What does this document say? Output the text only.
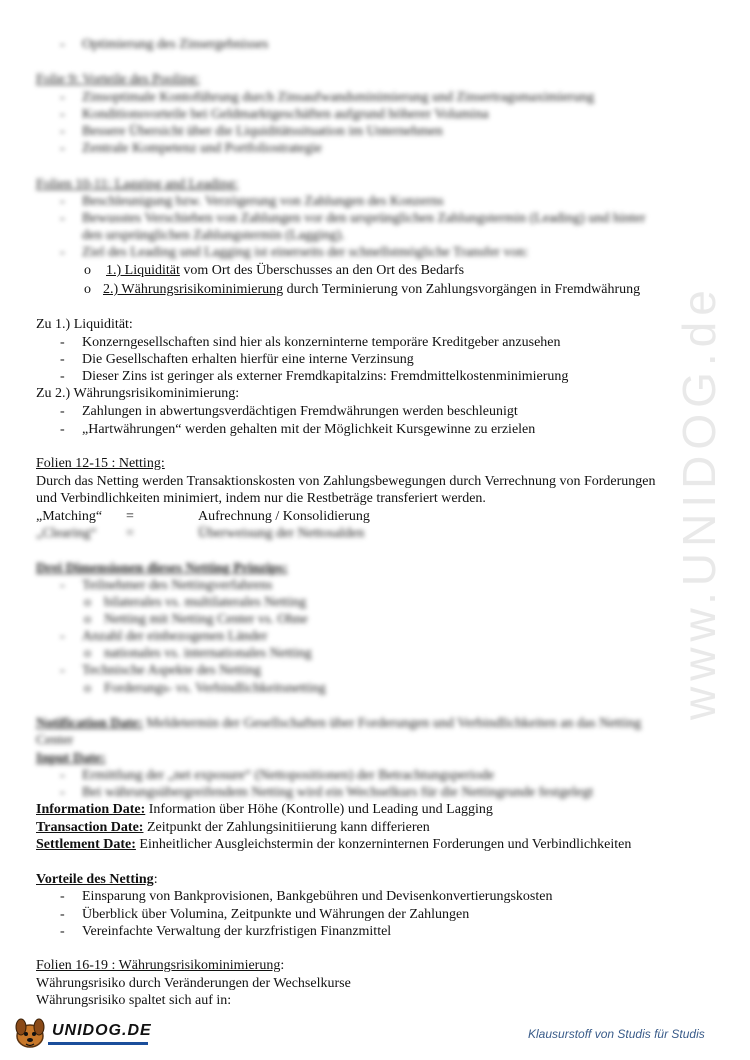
- Optimierung des Zinsergebnisses
Folie 9: Vorteile des Pooling:
- Zinsoptimale Kontoführung durch Zinsaufwandsminimierung und Zinsertragsmaximierung
- Konditionsvorteile bei Geldmarktgeschäften aufgrund höherer Volumina
- Bessere Übersicht über die Liquiditätssituation im Unternehmen
- Zentrale Kompetenz und Portfoliostrategie
Folien 10-11: Lagging and Leading:
- Beschleunigung bzw. Verzögerung von Zahlungen des Konzerns
- Bewusstes Verschieben von Zahlungen vor den ursprünglichen Zahlungstermin (Leading) und hinter
den ursprünglichen Zahlungstermin (Lagging).
- Ziel des Leading und Lagging ist einerseits der schnellstmögliche Transfer von:
o 1.) Liquidität vom Ort des Überschusses an den Ort des Bedarfs
o 2.) Währungsrisikominimierung durch Terminierung von Zahlungsvorgängen in Fremdwährung
Zu 1.) Liquidität:
- Konzerngesellschaften sind hier als konzerninterne temporäre Kreditgeber anzusehen
- Die Gesellschaften erhalten hierfür eine interne Verzinsung
- Dieser Zins ist geringer als externer Fremdkapitalzins: Fremdmittelkostenminimierung
Zu 2.) Währungsrisikominimierung:
- Zahlungen in abwertungsverdächtigen Fremdwährungen werden beschleunigt
- „Hartwährungen“ werden gehalten mit der Möglichkeit Kursgewinne zu erzielen
Folien 12-15 : Netting:
Durch das Netting werden Transaktionskosten von Zahlungsbewegungen durch Verrechnung von Forderungen
und Verbindlichkeiten minimiert, indem nur die Restbeträge transferiert werden.
„Matching“ =	Aufrechnung / Konsolidierung
„Clearing“ =	Überweisung der Nettosalden
Drei Dimensionen dieses Netting Prinzips:
- Teilnehmer des Nettingverfahrens
o bilaterales vs. multilaterales Netting
o Netting mit Netting Center vs. Ohne
- Anzahl der einbezogenen Länder
o nationales vs. internationales Netting
- Technische Aspekte des Netting
o Forderungs- vs. Verbindlichkeitsnetting
Notification Date: Meldetermin der Gesellschaften über Forderungen und Verbindlichkeiten an das Netting
Center
Input Date:
- Ermittlung der „net exposure“ (Nettopositionen) der Betrachtungsperiode
- Bei währungsübergreifendem Netting wird ein Wechselkurs für die Nettingrunde festgelegt
Information Date: Information über Höhe (Kontrolle) und Leading und Lagging
Transaction Date: Zeitpunkt der Zahlungsinitiierung kann differieren
Settlement Date: Einheitlicher Ausgleichstermin der konzerninternen Forderungen und Verbindlichkeiten
Vorteile des Netting:
- Einsparung von Bankprovisionen, Bankgebühren und Devisenkonvertierungskosten
- Überblick über Volumina, Zeitpunkte und Währungen der Zahlungen
- Vereinfachte Verwaltung der kurzfristigen Finanzmittel
Folien 16-19 : Währungsrisikominimierung:
Währungsrisiko durch Veränderungen der Wechselkurse
Währungsrisiko spaltet sich auf in:
www.UNIDOG.de
UNIDOG.DE	Klausurstoff von Studis für Studis
